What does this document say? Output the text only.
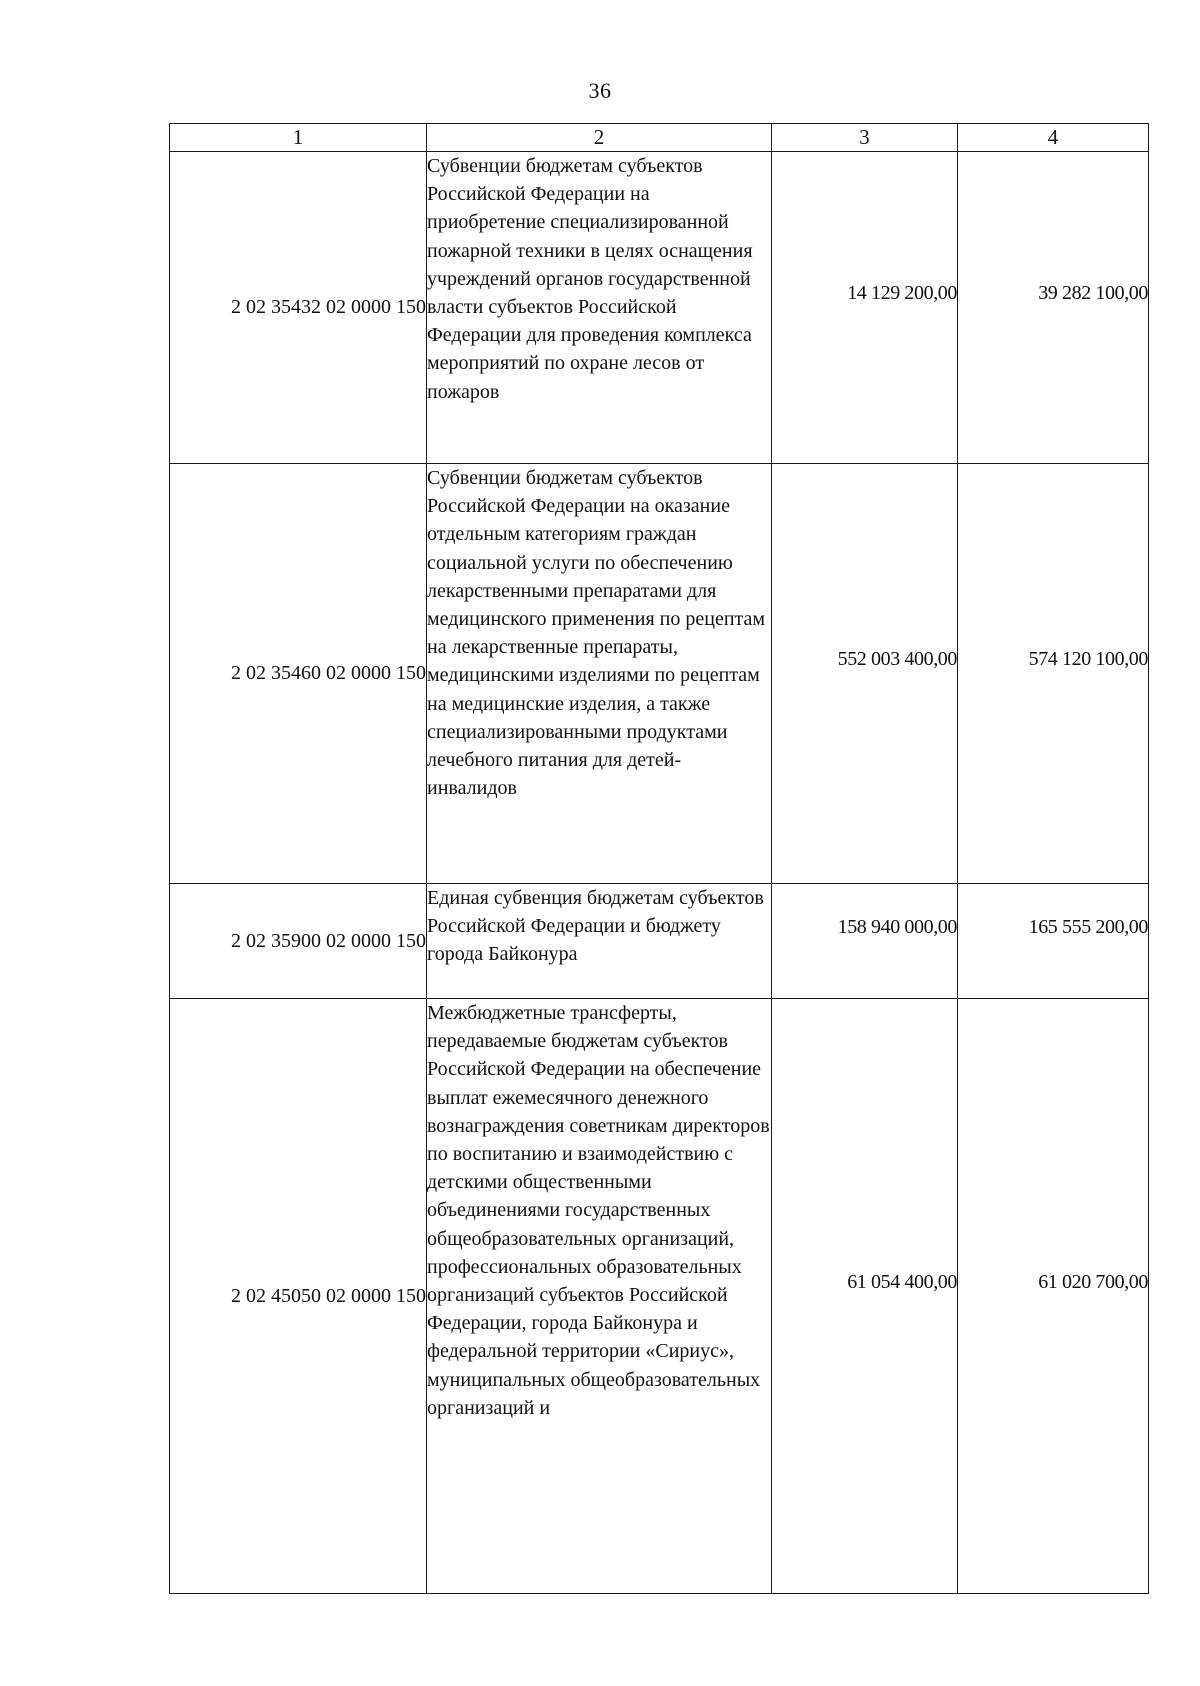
36
1	2	3	4
2 02 35432 02 0000 150	Субвенции бюджетам субъектов Российской Федерации на приобретение специализированной пожарной техники в целях оснащения учреждений органов государственной власти субъектов Российской Федерации для проведения комплекса мероприятий по охране лесов от пожаров	14 129 200,00	39 282 100,00
2 02 35460 02 0000 150	Субвенции бюджетам субъектов Российской Федерации на оказание отдельным категориям граждан социальной услуги по обеспечению лекарственными препаратами для медицинского применения по рецептам на лекарственные препараты, медицинскими изделиями по рецептам на медицинские изделия, а также специализированными продуктами лечебного питания для детей-инвалидов	552 003 400,00	574 120 100,00
2 02 35900 02 0000 150	Единая субвенция бюджетам субъектов Российской Федерации и бюджету города Байконура	158 940 000,00	165 555 200,00
2 02 45050 02 0000 150	Межбюджетные трансферты, передаваемые бюджетам субъектов Российской Федерации на обеспечение выплат ежемесячного денежного вознаграждения советникам директоров по воспитанию и взаимодействию с детскими общественными объединениями государственных общеобразовательных организаций, профессиональных образовательных организаций субъектов Российской Федерации, города Байконура и федеральной территории «Сириус», муниципальных общеобразовательных организаций и	61 054 400,00	61 020 700,00
